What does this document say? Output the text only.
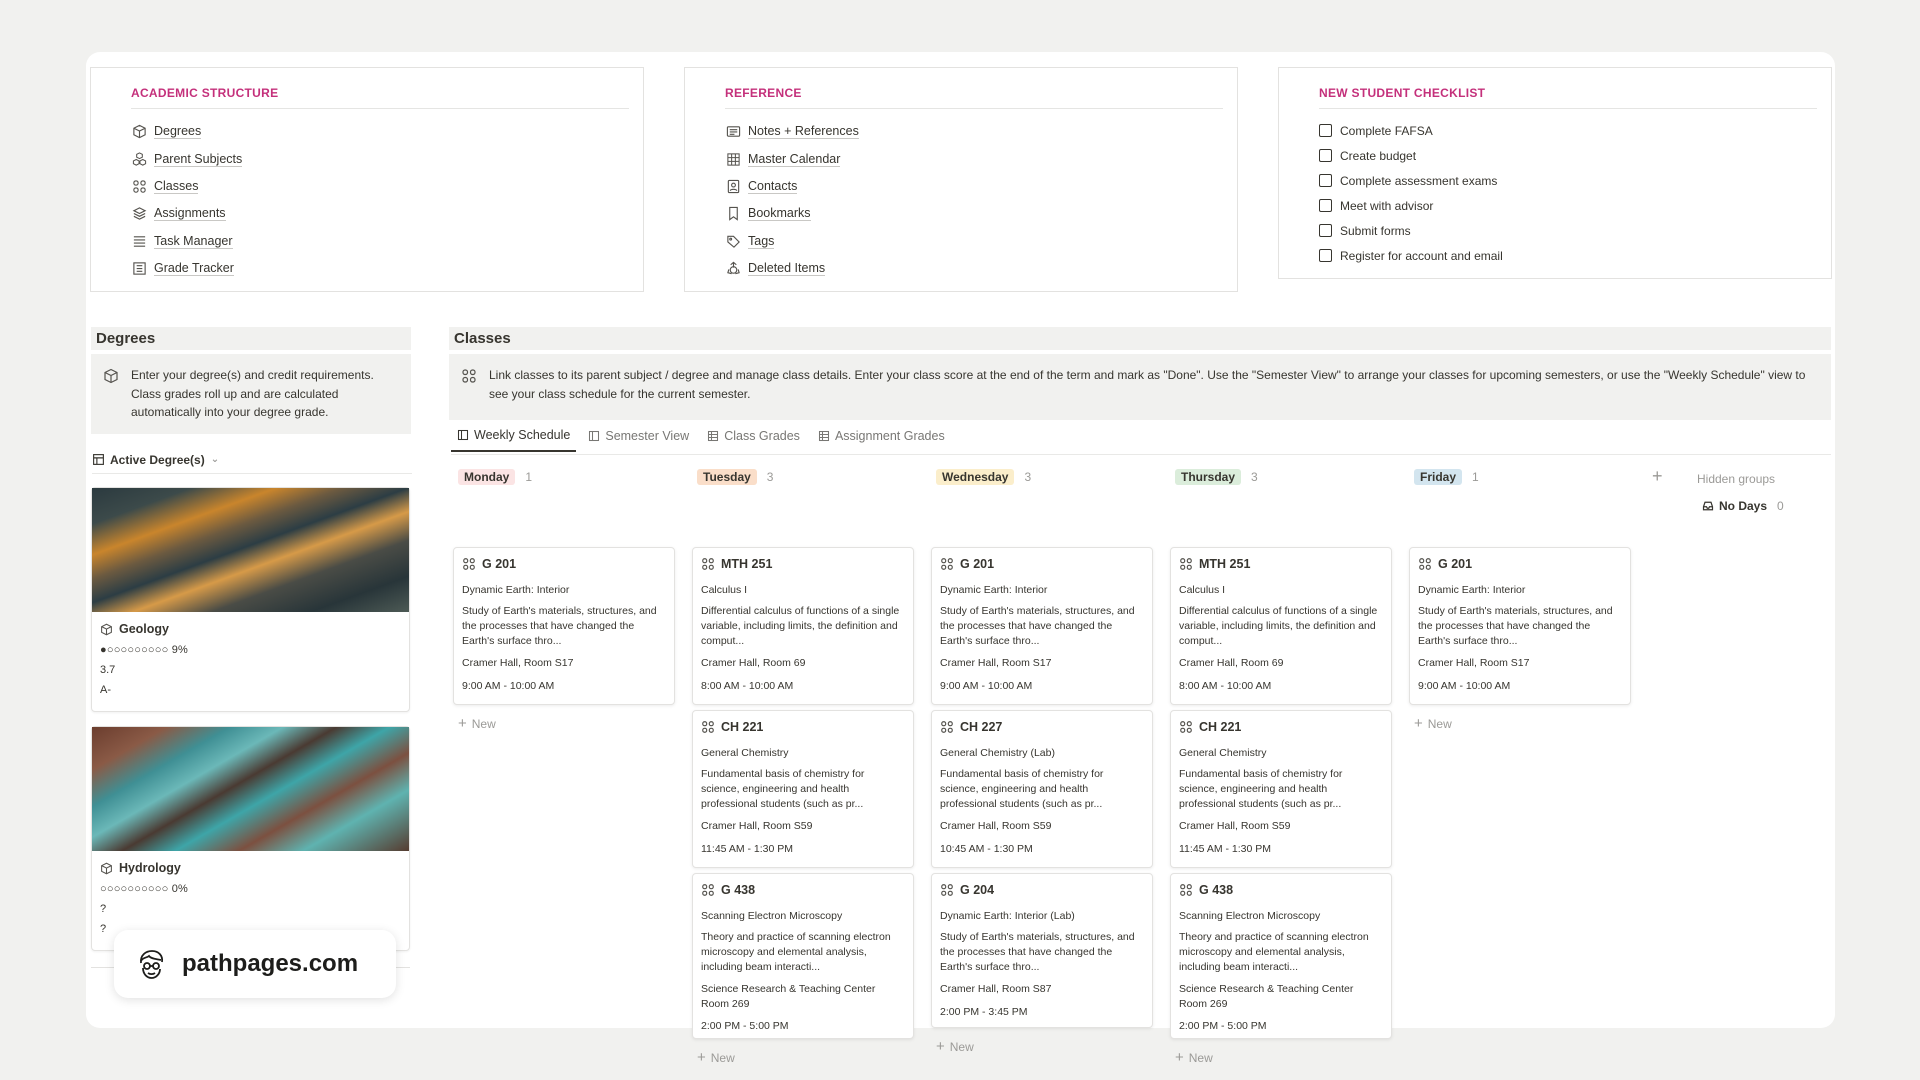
ACADEMIC STRUCTURE
Degrees
Parent Subjects
Classes
Assignments
Task Manager
Grade Tracker
REFERENCE
Notes + References
Master Calendar
Contacts
Bookmarks
Tags
Deleted Items
NEW STUDENT CHECKLIST
Complete FAFSA
Create budget
Complete assessment exams
Meet with advisor
Submit forms
Register for account and email
Degrees
Enter your degree(s) and credit requirements. Class grades roll up and are calculated automatically into your degree grade.
Active Degree(s) ⌄
Geology
●○○○○○○○○○ 9%
3.7
A-
Hydrology
○○○○○○○○○○ 0%
?
?
Classes
Link classes to its parent subject / degree and manage class details. Enter your class score at the end of the term and mark as "Done". Use the "Semester View" to arrange your classes for upcoming semesters, or use the "Weekly Schedule" view to see your class schedule for the current semester.
Weekly Schedule	Semester View	Class Grades	Assignment Grades
Monday	1
G 201
Dynamic Earth: Interior
Study of Earth's materials, structures, and the processes that have changed the Earth's surface thro...
Cramer Hall, Room S17
9:00 AM - 10:00 AM
+ New
Tuesday	3
MTH 251
Calculus I
Differential calculus of functions of a single variable, including limits, the definition and comput...
Cramer Hall, Room 69
8:00 AM - 10:00 AM
CH 221
General Chemistry
Fundamental basis of chemistry for science, engineering and health professional students (such as pr...
Cramer Hall, Room S59
11:45 AM - 1:30 PM
G 438
Scanning Electron Microscopy
Theory and practice of scanning electron microscopy and elemental analysis, including beam interacti...
Science Research & Teaching Center Room 269
2:00 PM - 5:00 PM
+ New
Wednesday	3
G 201
Dynamic Earth: Interior
Study of Earth's materials, structures, and the processes that have changed the Earth's surface thro...
Cramer Hall, Room S17
9:00 AM - 10:00 AM
CH 227
General Chemistry (Lab)
Fundamental basis of chemistry for science, engineering and health professional students (such as pr...
Cramer Hall, Room S59
10:45 AM - 1:30 PM
G 204
Dynamic Earth: Interior (Lab)
Study of Earth's materials, structures, and the processes that have changed the Earth's surface thro...
Cramer Hall, Room S87
2:00 PM - 3:45 PM
+ New
Thursday	3
MTH 251
Calculus I
Differential calculus of functions of a single variable, including limits, the definition and comput...
Cramer Hall, Room 69
8:00 AM - 10:00 AM
CH 221
General Chemistry
Fundamental basis of chemistry for science, engineering and health professional students (such as pr...
Cramer Hall, Room S59
11:45 AM - 1:30 PM
G 438
Scanning Electron Microscopy
Theory and practice of scanning electron microscopy and elemental analysis, including beam interacti...
Science Research & Teaching Center Room 269
2:00 PM - 5:00 PM
+ New
Friday	1
G 201
Dynamic Earth: Interior
Study of Earth's materials, structures, and the processes that have changed the Earth's surface thro...
Cramer Hall, Room S17
9:00 AM - 10:00 AM
+ New
+	Hidden groups
No Days 0
pathpages.com
